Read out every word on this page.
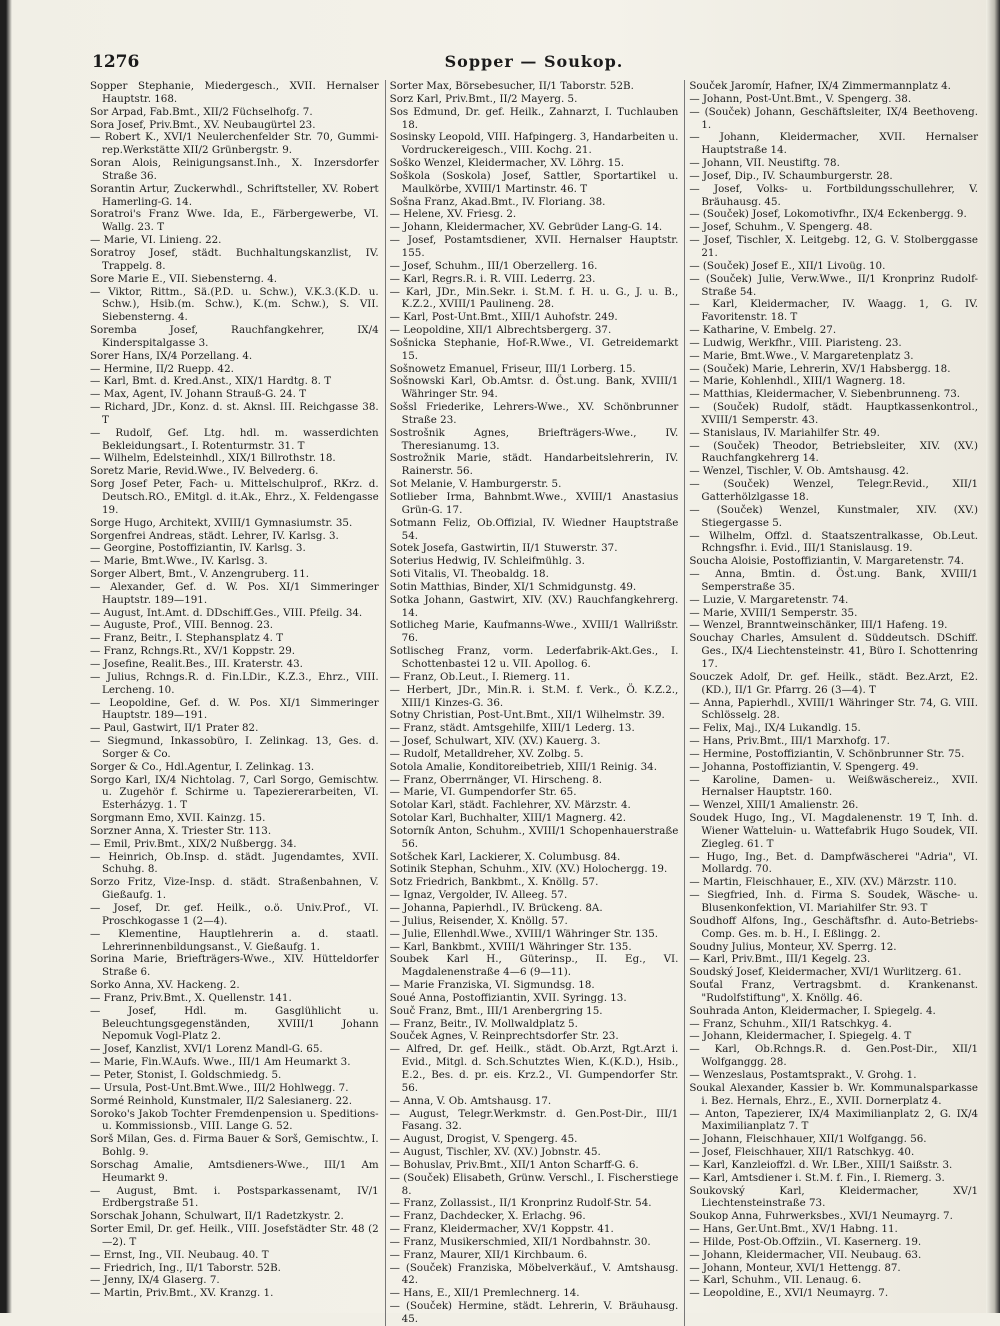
1276	Sopper — Soukop.
Sopper Stephanie, Miedergesch., XVII. Hernalser Hauptstr. 168.
Sor Arpad, Fab.Bmt., XII/2 Füchselhofg. 7.
Sora Josef, Priv.Bmt., XV. Neubaugürtel 23.
— Robert K., XVI/1 Neulerchenfelder Str. 70, Gummi-rep.Werkstätte XII/2 Grünbergstr. 9.
Soran Alois, Reinigungsanst.Inh., X. Inzersdorfer Straße 36.
Sorantin Artur, Zuckerwhdl., Schriftsteller, XV. Robert Hamerling-G. 14.
Soratroi's Franz Wwe. Ida, E., Färbergewerbe, VI. Wallg. 23. T
— Marie, VI. Linieng. 22.
Soratroy Josef, städt. Buchhaltungskanzlist, IV. Trappelg. 8.
Sore Marie E., VII. Siebensterng. 4.
— Viktor, Rittm., Sä.(P.D. u. Schw.), V.K.3.(K.D. u. Schw.), Hsib.(m. Schw.), K.(m. Schw.), S. VII. Siebensterng. 4.
Soremba Josef, Rauchfangkehrer, IX/4 Kinderspitalgasse 3.
Sorer Hans, IX/4 Porzellang. 4.
— Hermine, II/2 Ruepp. 42.
— Karl, Bmt. d. Kred.Anst., XIX/1 Hardtg. 8. T
— Max, Agent, IV. Johann Strauß-G. 24. T
— Richard, JDr., Konz. d. st. Aknsl. III. Reichgasse 38. T
— Rudolf, Gef. Ltg. hdl. m. wasserdichten Bekleidungsart., I. Rotenturmstr. 31. T
— Wilhelm, Edelsteinhdl., XIX/1 Billrothstr. 18.
Soretz Marie, Revid.Wwe., IV. Belvederg. 6.
Sorg Josef Peter, Fach- u. Mittelschulprof., RKrz. d. Deutsch.RO., EMitgl. d. it.Ak., Ehrz., X. Feldengasse 19.
Sorge Hugo, Architekt, XVIII/1 Gymnasiumstr. 35.
Sorgenfrei Andreas, städt. Lehrer, IV. Karlsg. 3.
— Georgine, Postoffiziantin, IV. Karlsg. 3.
— Marie, Bmt.Wwe., IV. Karlsg. 3.
Sorger Albert, Bmt., V. Anzengruberg. 11.
— Alexander, Gef. d. W. Pos. XI/1 Simmeringer Hauptstr. 189—191.
— August, Int.Amt. d. DDschiff.Ges., VIII. Pfeilg. 34.
— Auguste, Prof., VIII. Bennog. 23.
— Franz, Beitr., I. Stephansplatz 4. T
— Franz, Rchngs.Rt., XV/1 Koppstr. 29.
— Josefine, Realit.Bes., III. Kraterstr. 43.
— Julius, Rchngs.R. d. Fin.LDir., K.Z.3., Ehrz., VIII. Lercheng. 10.
— Leopoldine, Gef. d. W. Pos. XI/1 Simmeringer Hauptstr. 189—191.
— Paul, Gastwirt, II/1 Prater 82.
— Siegmund, Inkassobüro, I. Zelinkag. 13, Ges. d. Sorger & Co.
Sorger & Co., Hdl.Agentur, I. Zelinkag. 13.
Sorgo Karl, IX/4 Nichtolag. 7, Carl Sorgo, Gemischtw. u. Zugehör f. Schirme u. Tapeziererarbeiten, VI. Esterházyg. 1. T
Sorgmann Emo, XVII. Kainzg. 15.
Sorzner Anna, X. Triester Str. 113.
— Emil, Priv.Bmt., XIX/2 Nußbergg. 34.
— Heinrich, Ob.Insp. d. städt. Jugendamtes, XVII. Schuhg. 8.
Sorzo Fritz, Vize-Insp. d. städt. Straßenbahnen, V. Gießaufg. 1.
— Josef, Dr. gef. Heilk., o.ö. Univ.Prof., VI. Proschkogasse 1 (2—4).
— Klementine, Hauptlehrerin a. d. staatl. Lehrerinnenbildungsanst., V. Gießaufg. 1.
Sorina Marie, Briefträgers-Wwe., XIV. Hütteldorfer Straße 6.
Sorko Anna, XV. Hackeng. 2.
— Franz, Priv.Bmt., X. Quellenstr. 141.
— Josef, Hdl. m. Gasglühlicht u. Beleuchtungsgegenständen, XVIII/1 Johann Nepomuk Vogl-Platz 2.
— Josef, Kanzlist, XVI/1 Lorenz Mandl-G. 65.
— Marie, Fin.W.Aufs. Wwe., III/1 Am Heumarkt 3.
— Peter, Stonist, I. Goldschmiedg. 5.
— Ursula, Post-Unt.Bmt.Wwe., III/2 Hohlwegg. 7.
Sormé Reinhold, Kunstmaler, II/2 Salesianerg. 22.
Soroko's Jakob Tochter Fremdenpension u. Speditions- u. Kommissionsb., VIII. Lange G. 52.
Sorš Milan, Ges. d. Firma Bauer & Sorš, Gemischtw., I. Bohlg. 9.
Sorschag Amalie, Amtsdieners-Wwe., III/1 Am Heumarkt 9.
— August, Bmt. i. Postsparkassenamt, IV/1 Erdbergstraße 51.
Sorschak Johann, Schulwart, II/1 Radetzkystr. 2.
Sorter Emil, Dr. gef. Heilk., VIII. Josefstädter Str. 48 (2—2). T
— Ernst, Ing., VII. Neubaug. 40. T
— Friedrich, Ing., II/1 Taborstr. 52B.
— Jenny, IX/4 Glaserg. 7.
— Martin, Priv.Bmt., XV. Kranzg. 1.
Sorter Max, Börsebesucher, II/1 Taborstr. 52B.
Sorz Karl, Priv.Bmt., II/2 Mayerg. 5.
Sos Edmund, Dr. gef. Heilk., Zahnarzt, I. Tuchlauben 18.
Sosinsky Leopold, VIII. Hafpingerg. 3, Handarbeiten u. Vordruckereigesch., VIII. Kochg. 21.
Soško Wenzel, Kleidermacher, XV. Löhrg. 15.
Soškola (Soskola) Josef, Sattler, Sportartikel u. Maulkörbe, XVIII/1 Martinstr. 46. T
Sošna Franz, Akad.Bmt., IV. Floriang. 38.
— Helene, XV. Friesg. 2.
— Johann, Kleidermacher, XV. Gebrüder Lang-G. 14.
— Josef, Postamtsdiener, XVII. Hernalser Hauptstr. 155.
— Josef, Schuhm., III/1 Oberzellerg. 16.
— Karl, Regrs.R. i. R. VIII. Lederrg. 23.
— Karl, JDr., Min.Sekr. i. St.M. f. H. u. G., J. u. B., K.Z.2., XVIII/1 Paulineng. 28.
— Karl, Post-Unt.Bmt., XIII/1 Auhofstr. 249.
— Leopoldine, XII/1 Albrechtsbergerg. 37.
Sošnicka Stephanie, Hof-R.Wwe., VI. Getreidemarkt 15.
Sošnowetz Emanuel, Friseur, III/1 Lorberg. 15.
Sošnowski Karl, Ob.Amtsr. d. Öst.ung. Bank, XVIII/1 Währinger Str. 94.
Sošsl Friederike, Lehrers-Wwe., XV. Schönbrunner Straße 23.
Sostrošnik Agnes, Briefträgers-Wwe., IV. Theresianumg. 13.
Sostrožnik Marie, städt. Handarbeitslehrerin, IV. Rainerstr. 56.
Sot Melanie, V. Hamburgerstr. 5.
Sotlieber Irma, Bahnbmt.Wwe., XVIII/1 Anastasius Grün-G. 17.
Sotmann Feliz, Ob.Offizial, IV. Wiedner Hauptstraße 54.
Sotek Josefa, Gastwirtin, II/1 Stuwerstr. 37.
Soterius Hedwig, IV. Schleifmühlg. 3.
Soti Vitalis, VI. Theobaldg. 18.
Sotin Matthias, Binder, XI/1 Schmidgunstg. 49.
Sotka Johann, Gastwirt, XIV. (XV.) Rauchfangkehrerg. 14.
Sotlicheg Marie, Kaufmanns-Wwe., XVIII/1 Wallrißstr. 76.
Sotlischeg Franz, vorm. Lederfabrik-Akt.Ges., I. Schottenbastei 12 u. VII. Apollog. 6.
— Franz, Ob.Leut., I. Riemerg. 11.
— Herbert, JDr., Min.R. i. St.M. f. Verk., Ö. K.Z.2., XIII/1 Kinzes-G. 36.
Sotny Christian, Post-Unt.Bmt., XII/1 Wilhelmstr. 39.
— Franz, städt. Amtsgehilfe, XIII/1 Lederg. 13.
— Josef, Schulwart, XIV. (XV.) Kauerg. 3.
— Rudolf, Metalldreher, XV. Zolbg. 5.
Sotola Amalie, Konditoreibetrieb, XIII/1 Reinig. 34.
— Franz, Oberrnänger, VI. Hirscheng. 8.
— Marie, VI. Gumpendorfer Str. 65.
Sotolar Karl, städt. Fachlehrer, XV. Märzstr. 4.
Sotolar Karl, Buchhalter, XIII/1 Magnerg. 42.
Sotorník Anton, Schuhm., XVIII/1 Schopenhauerstraße 56.
Sotšchek Karl, Lackierer, X. Columbusg. 84.
Sotinik Stephan, Schuhm., XIV. (XV.) Holochergg. 19.
Sotz Friedrich, Bankbmt., X. Knöllg. 57.
— Ignaz, Vergolder, IV. Alleeg. 57.
— Johanna, Papierhdl., IV. Brückeng. 8A.
— Julius, Reisender, X. Knöllg. 57.
— Julie, Ellenhdl.Wwe., XVIII/1 Währinger Str. 135.
— Karl, Bankbmt., XVIII/1 Währinger Str. 135.
Soubek Karl H., Güterinsp., II. Eg., VI. Magdalenenstraße 4—6 (9—11).
— Marie Franziska, VI. Sigmundsg. 18.
Soué Anna, Postoffiziantin, XVII. Syringg. 13.
Souč Franz, Bmt., III/1 Arenbergring 15.
— Franz, Beitr., IV. Mollwaldplatz 5.
Souček Agnes, V. Reinprechtsdorfer Str. 23.
— Alfred, Dr. gef. Heilk., städt. Ob.Arzt, Rgt.Arzt i. Evid., Mitgl. d. Sch.Schutztes Wien, K.(K.D.), Hsib., E.2., Bes. d. pr. eis. Krz.2., VI. Gumpendorfer Str. 56.
— Anna, V. Ob. Amtshausg. 17.
— August, Telegr.Werkmstr. d. Gen.Post-Dir., III/1 Fasang. 32.
— August, Drogist, V. Spengerg. 45.
— August, Tischler, XV. (XV.) Jobnstr. 45.
— Bohuslav, Priv.Bmt., XII/1 Anton Scharff-G. 6.
— (Souček) Elisabeth, Grünw. Verschl., I. Fischerstiege 8.
— Franz, Zollassist., II/1 Kronprinz Rudolf-Str. 54.
— Franz, Dachdecker, X. Erlachg. 96.
— Franz, Kleidermacher, XV/1 Koppstr. 41.
— Franz, Musikerschmied, XII/1 Nordbahnstr. 30.
— Franz, Maurer, XII/1 Kirchbaum. 6.
— (Souček) Franziska, Möbelverkäuf., V. Amtshausg. 42.
— Hans, E., XII/1 Premlechnerg. 14.
— (Souček) Hermine, städt. Lehrerin, V. Bräuhausg. 45.
Souček Jaromír, Hafner, IX/4 Zimmermannplatz 4.
— Johann, Post-Unt.Bmt., V. Spengerg. 38.
— (Souček) Johann, Geschäftsleiter, IX/4 Beethoveng. 1.
— Johann, Kleidermacher, XVII. Hernalser Hauptstraße 14.
— Johann, VII. Neustiftg. 78.
— Josef, Dip., IV. Schaumburgerstr. 28.
— Josef, Volks- u. Fortbildungsschullehrer, V. Bräuhausg. 45.
— (Souček) Josef, Lokomotivfhr., IX/4 Eckenbergg. 9.
— Josef, Schuhm., V. Spengerg. 48.
— Josef, Tischler, X. Leitgebg. 12, G. V. Stolberggasse 21.
— (Souček) Josef E., XII/1 Livoüg. 10.
— (Souček) Julie, Verw.Wwe., II/1 Kronprinz Rudolf-Straße 54.
— Karl, Kleidermacher, IV. Waagg. 1, G. IV. Favoritenstr. 18. T
— Katharine, V. Embelg. 27.
— Ludwig, Werkfhr., VIII. Piaristeng. 23.
— Marie, Bmt.Wwe., V. Margaretenplatz 3.
— (Souček) Marie, Lehrerin, XV/1 Habsbergg. 18.
— Marie, Kohlenhdl., XIII/1 Wagnerg. 18.
— Matthias, Kleidermacher, V. Siebenbrunneng. 73.
— (Souček) Rudolf, städt. Hauptkassenkontrol., XVIII/1 Semperstr. 43.
— Stanislaus, IV. Mariahilfer Str. 49.
— (Souček) Theodor, Betriebsleiter, XIV. (XV.) Rauchfangkehrerg 14.
— Wenzel, Tischler, V. Ob. Amtshausg. 42.
— (Souček) Wenzel, Telegr.Revid., XII/1 Gatterhölzlgasse 18.
— (Souček) Wenzel, Kunstmaler, XIV. (XV.) Stiegergasse 5.
— Wilhelm, Offzl. d. Staatszentralkasse, Ob.Leut. Rchngsfhr. i. Evid., III/1 Stanislausg. 19.
Soucha Aloisie, Postoffiziantin, V. Margaretenstr. 74.
— Anna, Bmtin. d. Öst.ung. Bank, XVIII/1 Semperstraße 35.
— Luzie, V. Margaretenstr. 74.
— Marie, XVIII/1 Semperstr. 35.
— Wenzel, Branntweinschänker, III/1 Hafeng. 19.
Souchay Charles, Amsulent d. Süddeutsch. DSchiff. Ges., IX/4 Liechtensteinstr. 41, Büro I. Schottenring 17.
Souczek Adolf, Dr. gef. Heilk., städt. Bez.Arzt, E2. (KD.), II/1 Gr. Pfarrg. 26 (3—4). T
— Anna, Papierhdl., XVIII/1 Währinger Str. 74, G. VIII. Schlösselg. 28.
— Felix, Maj., IX/4 Lukandlg. 15.
— Hans, Priv.Bmt., III/1 Marxhofg. 17.
— Hermine, Postoffiziantin, V. Schönbrunner Str. 75.
— Johanna, Postoffiziantin, V. Spengerg. 49.
— Karoline, Damen- u. Weißwäschereiz., XVII. Hernalser Hauptstr. 160.
— Wenzel, XIII/1 Amalienstr. 26.
Soudek Hugo, Ing., VI. Magdalenenstr. 19 T, Inh. d. Wiener Watteluin- u. Wattefabrik Hugo Soudek, VII. Ziegleg. 61. T
— Hugo, Ing., Bet. d. Dampfwäscherei "Adria", VI. Mollardg. 70.
— Martin, Fleischhauer, E., XIV. (XV.) Märzstr. 110.
— Siegfried, Inh. d. Firma S. Soudek, Wäsche- u. Blusenkonfektion, VI. Mariahilfer Str. 93. T
Soudhoff Alfons, Ing., Geschäftsfhr. d. Auto-Betriebs-Comp. Ges. m. b. H., I. Eßlingg. 2.
Soudny Julius, Monteur, XV. Sperrg. 12.
— Karl, Priv.Bmt., III/1 Kegelg. 23.
Soudský Josef, Kleidermacher, XVI/1 Wurlitzerg. 61.
Souťal Franz, Vertragsbmt. d. Krankenanst. "Rudolfstiftung", X. Knöllg. 46.
Souhrada Anton, Kleidermacher, I. Spiegelg. 4.
— Franz, Schuhm., XII/1 Ratschkyg. 4.
— Johann, Kleidermacher, I. Spiegelg. 4. T
— Karl, Ob.Rchngs.R. d. Gen.Post-Dir., XII/1 Wolfganggg. 28.
— Wenzeslaus, Postamtsprakt., V. Grohg. 1.
Soukal Alexander, Kassier b. Wr. Kommunalsparkasse i. Bez. Hernals, Ehrz., E., XVII. Dornerplatz 4.
— Anton, Tapezierer, IX/4 Maximilianplatz 2, G. IX/4 Maximilianplatz 7. T
— Johann, Fleischhauer, XII/1 Wolfgangg. 56.
— Josef, Fleischhauer, XII/1 Ratschkyg. 40.
— Karl, Kanzleioffzl. d. Wr. LBer., XIII/1 Saißstr. 3.
— Karl, Amtsdiener i. St.M. f. Fin., I. Riemerg. 3.
Soukovský Karl, Kleidermacher, XV/1 Liechtensteinstraße 73.
Soukop Anna, Fuhrwerksbes., XVI/1 Neumayrg. 7.
— Hans, Ger.Unt.Bmt., XV/1 Habng. 11.
— Hilde, Post-Ob.Offziin., VI. Kasernerg. 19.
— Johann, Kleidermacher, VII. Neubaug. 63.
— Johann, Monteur, XVI/1 Hettengg. 87.
— Karl, Schuhm., VII. Lenaug. 6.
— Leopoldine, E., XVI/1 Neumayrg. 7.
